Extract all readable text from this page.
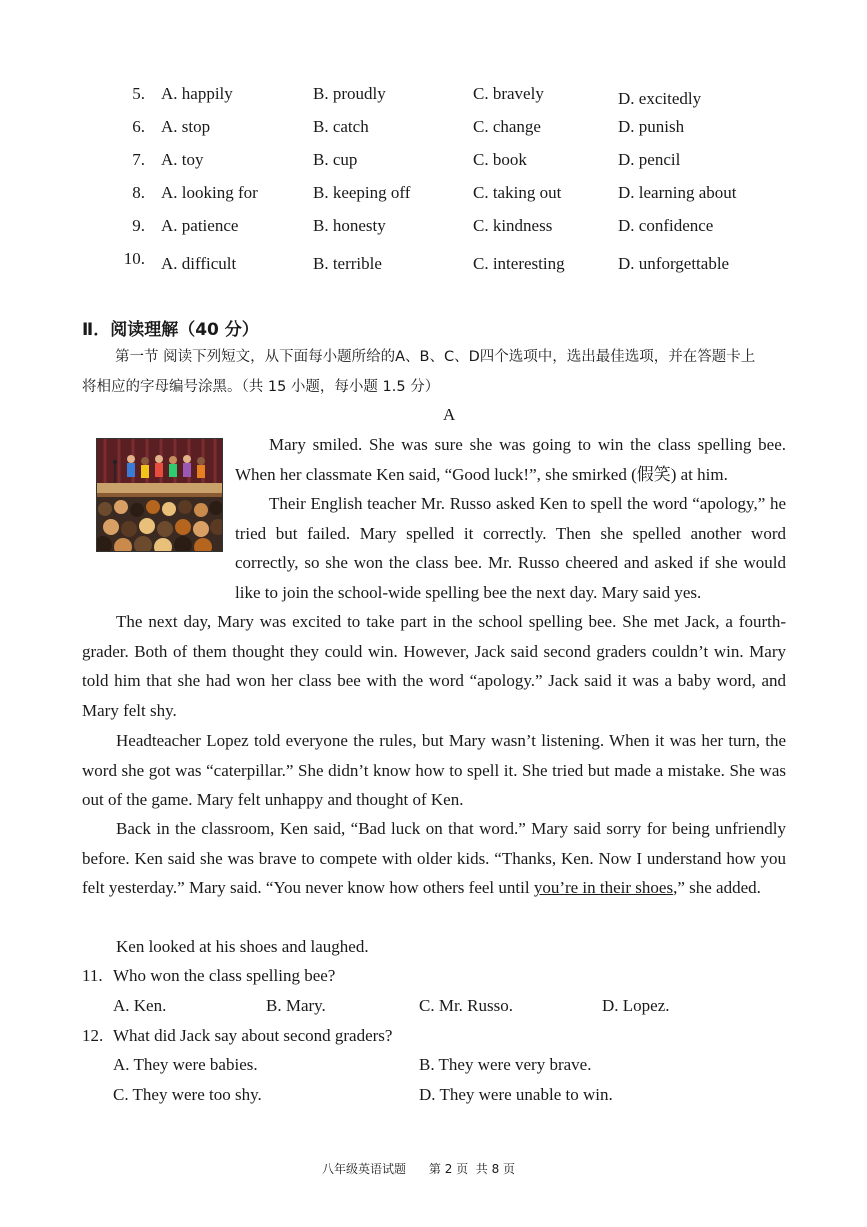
5. A. happily	B. proudly	C. bravely	D. excitedly
6. A. stop	B. catch	C. change	D. punish
7. A. toy	B. cup	C. book	D. pencil
8. A. looking for	B. keeping off	C. taking out	D. learning about
9. A. patience	B. honesty	C. kindness	D. confidence
10. A. difficult	B. terrible	C. interesting	D. unforgettable
Ⅱ．阅读理解（40 分）
第一节 阅读下列短文，从下面每小题所给的A、B、C、D四个选项中，选出最佳选项，并在答题卡上
将相应的字母编号涂黑。（共 15 小题，每小题 1.5 分）
A
Mary smiled. She was sure she was going to win the class spelling bee. When her classmate Ken said, “Good luck!”, she smirked (假笑) at him.
Their English teacher Mr. Russo asked Ken to spell the word “apology,” he tried but failed. Mary spelled it correctly. Then she spelled another word correctly, so she won the class bee. Mr. Russo cheered and asked if she would like to join the school-wide spelling bee the next day. Mary said yes.
The next day, Mary was excited to take part in the school spelling bee. She met Jack, a fourth-grader. Both of them thought they could win. However, Jack said second graders couldn’t win. Mary told him that she had won her class bee with the word “apology.” Jack said it was a baby word, and Mary felt shy.
Headteacher Lopez told everyone the rules, but Mary wasn’t listening. When it was her turn, the word she got was “caterpillar.” She didn’t know how to spell it. She tried but made a mistake. She was out of the game. Mary felt unhappy and thought of Ken.
Back in the classroom, Ken said, “Bad luck on that word.” Mary said sorry for being unfriendly before. Ken said she was brave to compete with older kids. “Thanks, Ken. Now I understand how you felt yesterday.” Mary said. “You never know how others feel until you’re in their shoes,” she added.
Ken looked at his shoes and laughed.
11. Who won the class spelling bee?
A. Ken.	B. Mary.	C. Mr. Russo.	D. Lopez.
12. What did Jack say about second graders?
A. They were babies.	B. They were very brave.
C. They were too shy.	D. They were unable to win.
八年级英语试题      第 2 页  共 8 页
